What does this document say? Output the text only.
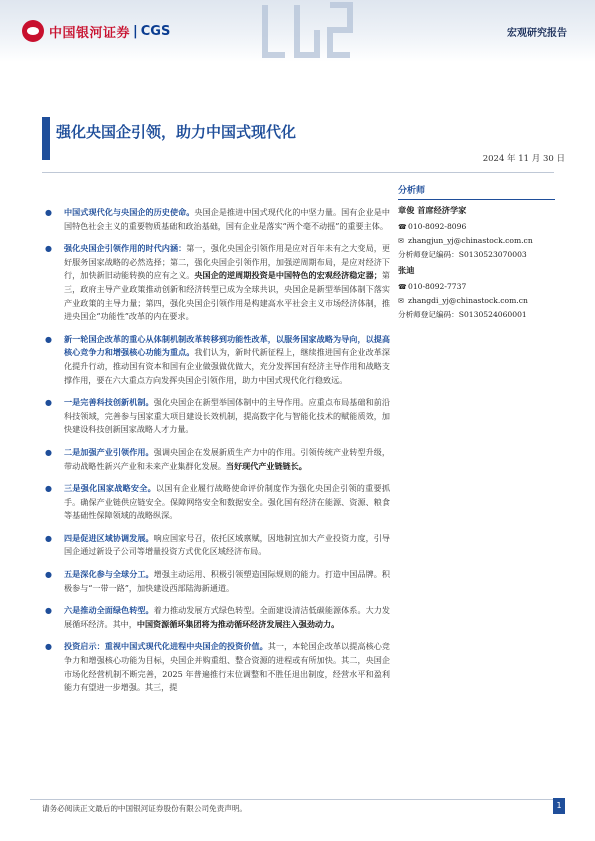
中国银河证券 | CGS	宏观研究报告
强化央国企引领，助力中国式现代化
2024 年 11 月 30 日
● 中国式现代化与央国企的历史使命。央国企是推进中国式现代化的中坚力量。国有企业是中国特色社会主义的重要物质基础和政治基础，国有企业是落实“两个毫不动摇”的重要主体。
● 强化央国企引领作用的时代内涵：第一，强化央国企引领作用是应对百年未有之大变局，更好服务国家战略的必然选择；第二，强化央国企引领作用，加强逆周期布局，是应对经济下行，加快新旧动能转换的应有之义。央国企的逆周期投资是中国特色的宏观经济稳定器；第三，政府主导产业政策推动创新和经济转型已成为全球共识，央国企是新型举国体制下落实产业政策的主导力量；第四，强化央国企引领作用是构建高水平社会主义市场经济体制，推进央国企“功能性”改革的内在要求。
● 新一轮国企改革的重心从体制机制改革转移到功能性改革，以服务国家战略为导向，以提高核心竞争力和增强核心功能为重点。我们认为，新时代新征程上，继续推进国有企业改革深化提升行动，推动国有资本和国有企业做强做优做大，充分发挥国有经济主导作用和战略支撑作用，要在六大重点方向发挥央国企引领作用，助力中国式现代化行稳致远。
● 一是完善科技创新机制。强化央国企在新型举国体制中的主导作用。应重点布局基础和前沿科技领域，完善参与国家重大项目建设长效机制，提高数字化与智能化技术的赋能质效，加快建设科技创新国家战略人才力量。
● 二是加强产业引领作用。强调央国企在发展新质生产力中的作用。引领传统产业转型升级，带动战略性新兴产业和未来产业集群化发展。当好现代产业链链长。
● 三是强化国家战略安全。以国有企业履行战略使命评价制度作为强化央国企引领的重要抓手。确保产业链供应链安全。保障网络安全和数据安全。强化国有经济在能源、资源、粮食等基础性保障领域的战略纵深。
● 四是促进区域协调发展。响应国家号召，依托区域禀赋，因地制宜加大产业投资力度，引导国企通过新设子公司等增量投资方式优化区域经济布局。
● 五是深化参与全球分工。增强主动运用、积极引领塑造国际规则的能力。打造中国品牌。积极参与“一带一路”，加快建设西部陆海新通道。
● 六是推动全面绿色转型。着力推动发展方式绿色转型。全面建设清洁低碳能源体系。大力发展循环经济。其中，中国资源循环集团将为推动循环经济发展注入强劲动力。
● 投资启示：重视中国式现代化进程中央国企的投资价值。其一，本轮国企改革以提高核心竞争力和增强核心功能为目标，央国企并购重组、整合资源的进程或有所加快。其二，央国企市场化经营机制不断完善，2025 年普遍推行末位调整和不胜任退出制度，经营水平和盈利能力有望进一步增强。其三，提
分析师
章俊 首席经济学家
☎010-8092-8096
✉ zhangjun_yj@chinastock.com.cn
分析师登记编码：S0130523070003
张迪
☎010-8092-7737
✉ zhangdi_yj@chinastock.com.cn
分析师登记编码：S0130524060001
请务必阅读正文最后的中国银河证券股份有限公司免责声明。	1
